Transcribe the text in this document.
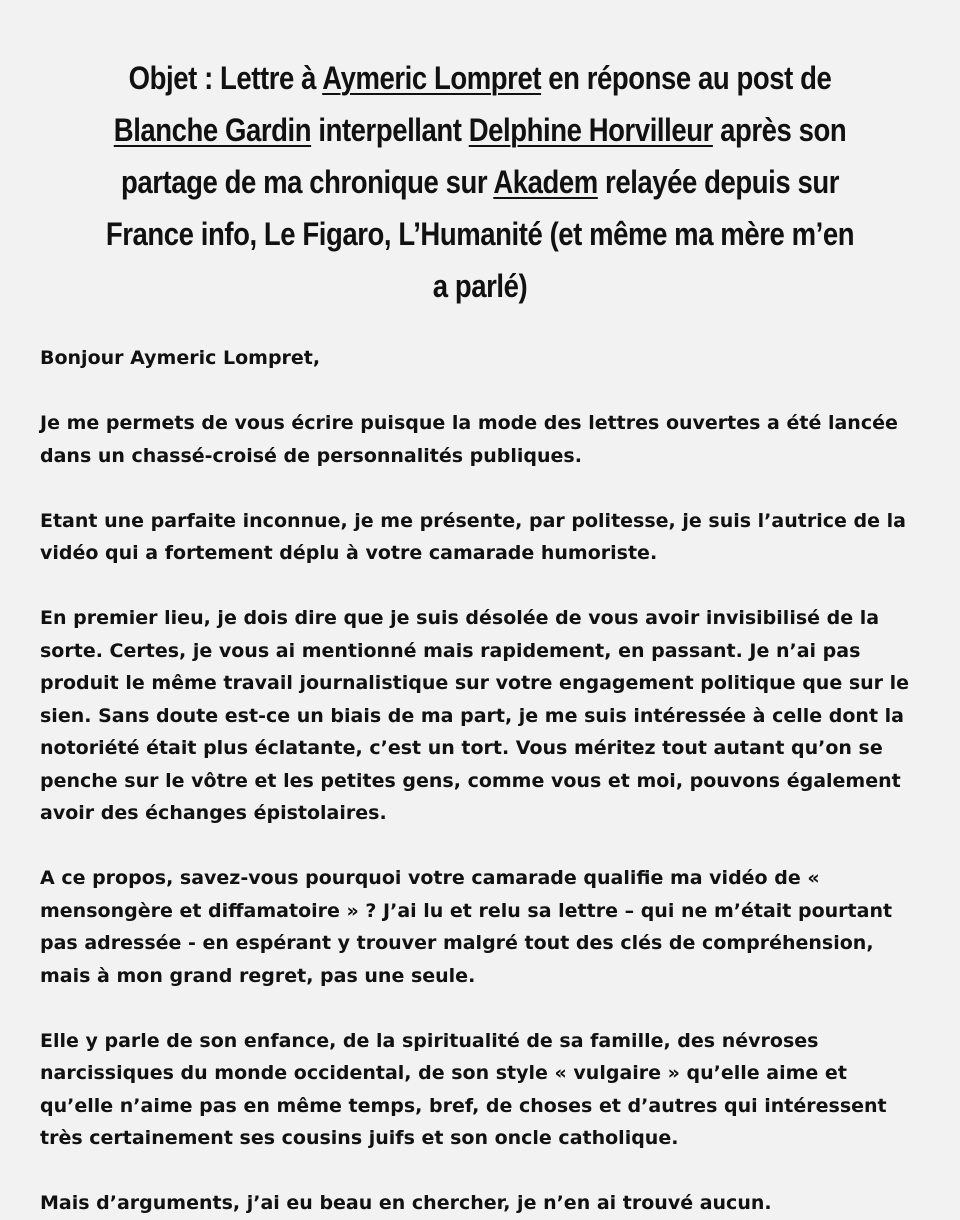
Objet : Lettre à Aymeric Lompret en réponse au post de Blanche Gardin interpellant Delphine Horvilleur après son partage de ma chronique sur Akadem relayée depuis sur France info, Le Figaro, L’Humanité (et même ma mère m’en a parlé)

Bonjour Aymeric Lompret,

Je me permets de vous écrire puisque la mode des lettres ouvertes a été lancée dans un chassé-croisé de personnalités publiques.

Etant une parfaite inconnue, je me présente, par politesse, je suis l’autrice de la vidéo qui a fortement déplu à votre camarade humoriste.

En premier lieu, je dois dire que je suis désolée de vous avoir invisibilisé de la sorte. Certes, je vous ai mentionné mais rapidement, en passant. Je n’ai pas produit le même travail journalistique sur votre engagement politique que sur le sien. Sans doute est-ce un biais de ma part, je me suis intéressée à celle dont la notoriété était plus éclatante, c’est un tort. Vous méritez tout autant qu’on se penche sur le vôtre et les petites gens, comme vous et moi, pouvons également avoir des échanges épistolaires.

A ce propos, savez-vous pourquoi votre camarade qualifie ma vidéo de « mensongère et diffamatoire » ? J’ai lu et relu sa lettre – qui ne m’était pourtant pas adressée - en espérant y trouver malgré tout des clés de compréhension, mais à mon grand regret, pas une seule.

Elle y parle de son enfance, de la spiritualité de sa famille, des névroses narcissiques du monde occidental, de son style « vulgaire » qu’elle aime et qu’elle n’aime pas en même temps, bref, de choses et d’autres qui intéressent très certainement ses cousins juifs et son oncle catholique.

Mais d’arguments, j’ai eu beau en chercher, je n’en ai trouvé aucun.
